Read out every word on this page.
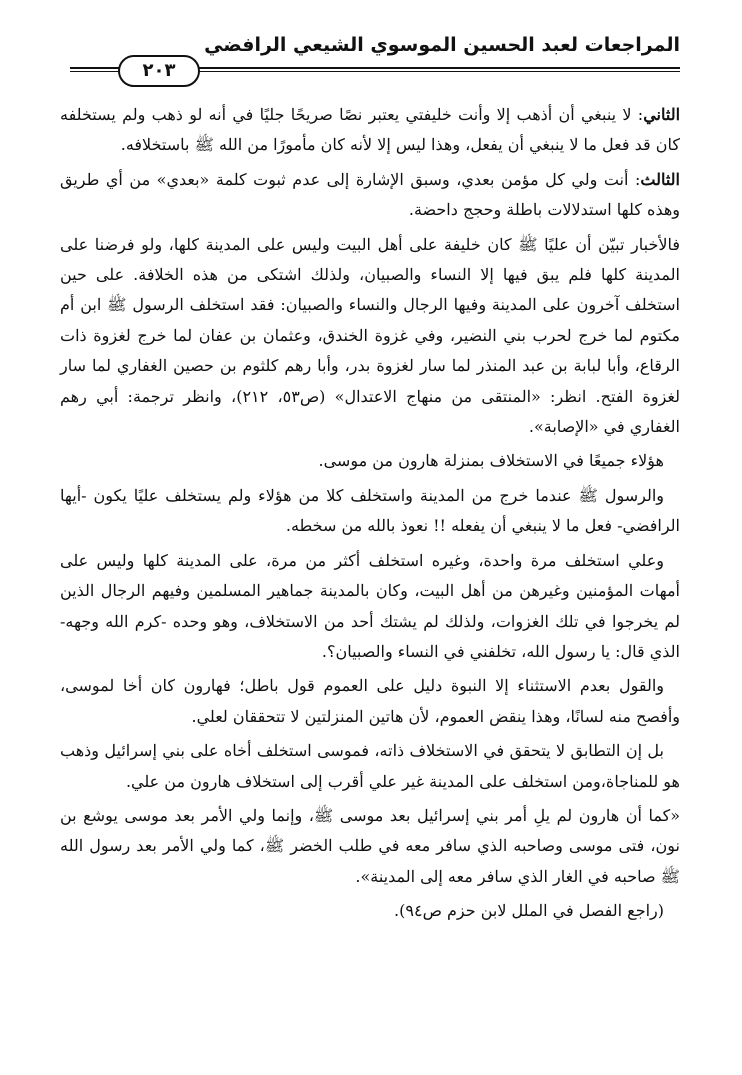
المراجعات لعبد الحسين الموسوي الشيعي الرافضي
٢٠٣

الثاني: لا ينبغي أن أذهب إلا وأنت خليفتي يعتبر نصًا صريحًا جليًا في أنه لو ذهب ولم يستخلفه كان قد فعل ما لا ينبغي أن يفعل، وهذا ليس إلا لأنه كان مأمورًا من الله ﷺ باستخلافه.

الثالث: أنت ولي كل مؤمن بعدي، وسبق الإشارة إلى عدم ثبوت كلمة «بعدي» من أي طريق وهذه كلها استدلالات باطلة وحجج داحضة.

فالأخبار تبيّن أن عليًا ﷺ كان خليفة على أهل البيت وليس على المدينة كلها، ولو فرضنا على المدينة كلها فلم يبق فيها إلا النساء والصبيان، ولذلك اشتكى من هذه الخلافة. على حين استخلف آخرون على المدينة وفيها الرجال والنساء والصبيان: فقد استخلف الرسول ﷺ ابن أم مكتوم لما خرج لحرب بني النضير، وفي غزوة الخندق، وعثمان بن عفان لما خرج لغزوة ذات الرقاع، وأبا لبابة بن عبد المنذر لما سار لغزوة بدر، وأبا رهم كلثوم بن حصين الغفاري لما سار لغزوة الفتح. انظر: «المنتقى من منهاج الاعتدال» (ص٥٣، ٢١٢)، وانظر ترجمة: أبي رهم الغفاري في «الإصابة».

هؤلاء جميعًا في الاستخلاف بمنزلة هارون من موسى.

والرسول ﷺ عندما خرج من المدينة واستخلف كلا من هؤلاء ولم يستخلف عليًا يكون -أيها الرافضي- فعل ما لا ينبغي أن يفعله !! نعوذ بالله من سخطه.

وعلي استخلف مرة واحدة، وغيره استخلف أكثر من مرة، على المدينة كلها وليس على أمهات المؤمنين وغيرهن من أهل البيت، وكان بالمدينة جماهير المسلمين وفيهم الرجال الذين لم يخرجوا في تلك الغزوات، ولذلك لم يشتك أحد من الاستخلاف، وهو وحده -كرم الله وجهه- الذي قال: يا رسول الله، تخلفني في النساء والصبيان؟.

والقول بعدم الاستثناء إلا النبوة دليل على العموم قول باطل؛ فهارون كان أخا لموسى، وأفصح منه لسانًا، وهذا ينقض العموم، لأن هاتين المنزلتين لا تتحققان لعلي.

بل إن التطابق لا يتحقق في الاستخلاف ذاته، فموسى استخلف أخاه على بني إسرائيل وذهب هو للمناجاة،ومن استخلف على المدينة غير علي أقرب إلى استخلاف هارون من علي.

«كما أن هارون لم يلِ أمر بني إسرائيل بعد موسى ﷺ، وإنما ولي الأمر بعد موسى يوشع بن نون، فتى موسى وصاحبه الذي سافر معه في طلب الخضر ﷺ، كما ولي الأمر بعد رسول الله ﷺ صاحبه في الغار الذي سافر معه إلى المدينة».

(راجع الفصل في الملل لابن حزم ص٩٤).
